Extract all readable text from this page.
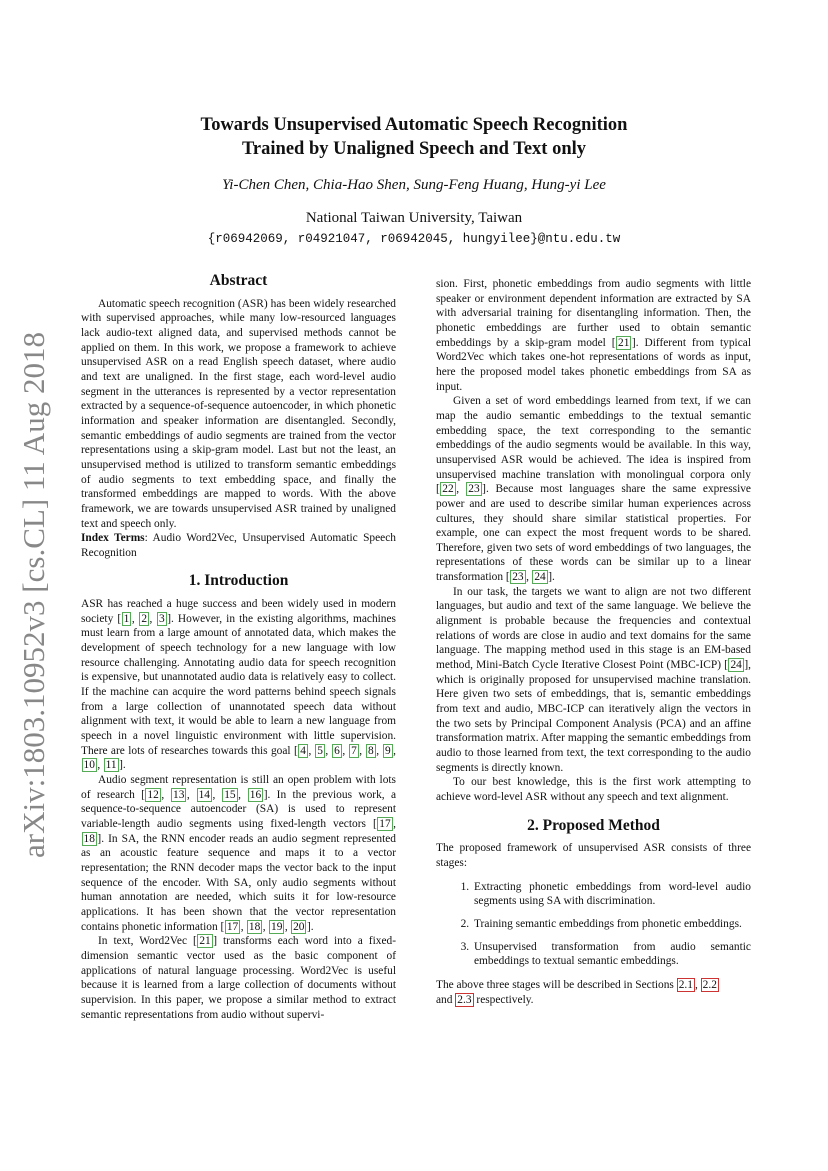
arXiv:1803.10952v3 [cs.CL] 11 Aug 2018
Towards Unsupervised Automatic Speech Recognition
Trained by Unaligned Speech and Text only
Yi-Chen Chen, Chia-Hao Shen, Sung-Feng Huang, Hung-yi Lee
National Taiwan University, Taiwan
{r06942069, r04921047, r06942045, hungyilee}@ntu.edu.tw
Abstract

Automatic speech recognition (ASR) has been widely researched with supervised approaches, while many low-resourced languages lack audio-text aligned data, and supervised methods cannot be applied on them. In this work, we propose a framework to achieve unsupervised ASR on a read English speech dataset, where audio and text are unaligned. In the first stage, each word-level audio segment in the utterances is represented by a vector representation extracted by a sequence-of-sequence autoencoder, in which phonetic information and speaker information are disentangled. Secondly, semantic embeddings of audio segments are trained from the vector representations using a skip-gram model. Last but not the least, an unsupervised method is utilized to transform semantic embeddings of audio segments to text embedding space, and finally the transformed embeddings are mapped to words. With the above framework, we are towards unsupervised ASR trained by unaligned text and speech only.

Index Terms: Audio Word2Vec, Unsupervised Automatic Speech Recognition

1. Introduction

ASR has reached a huge success and been widely used in modern society [ 1 , 2 , 3 ]. However, in the existing algorithms, machines must learn from a large amount of annotated data, which makes the development of speech technology for a new language with low resource challenging. Annotating audio data for speech recognition is expensive, but unannotated audio data is relatively easy to collect. If the machine can acquire the word patterns behind speech signals from a large collection of unannotated speech data without alignment with text, it would be able to learn a new language from speech in a novel linguistic environment with little supervision. There are lots of researches towards this goal [ 4 , 5 , 6 , 7 , 8 , 9 , 10 , 11 ].

Audio segment representation is still an open problem with lots of research [ 12 , 13 , 14 , 15 , 16 ]. In the previous work, a sequence-to-sequence autoencoder (SA) is used to represent variable-length audio segments using fixed-length vectors [ 17 , 18 ]. In SA, the RNN encoder reads an audio segment represented as an acoustic feature sequence and maps it to a vector representation; the RNN decoder maps the vector back to the input sequence of the encoder. With SA, only audio segments without human annotation are needed, which suits it for low-resource applications. It has been shown that the vector representation contains phonetic information [ 17 , 18 , 19 , 20 ].

In text, Word2Vec [ 21 ] transforms each word into a fixed-dimension semantic vector used as the basic component of applications of natural language processing. Word2Vec is useful because it is learned from a large collection of documents without supervision. In this paper, we propose a similar method to extract semantic representations from audio without supervi-

sion. First, phonetic embeddings from audio segments with little speaker or environment dependent information are extracted by SA with adversarial training for disentangling information. Then, the phonetic embeddings are further used to obtain semantic embeddings by a skip-gram model [ 21 ]. Different from typical Word2Vec which takes one-hot representations of words as input, here the proposed model takes phonetic embeddings from SA as input.

Given a set of word embeddings learned from text, if we can map the audio semantic embeddings to the textual semantic embedding space, the text corresponding to the semantic embeddings of the audio segments would be available. In this way, unsupervised ASR would be achieved. The idea is inspired from unsupervised machine translation with monolingual corpora only [ 22 , 23 ]. Because most languages share the same expressive power and are used to describe similar human experiences across cultures, they should share similar statistical properties. For example, one can expect the most frequent words to be shared. Therefore, given two sets of word embeddings of two languages, the representations of these words can be similar up to a linear transformation [ 23 , 24 ].

In our task, the targets we want to align are not two different languages, but audio and text of the same language. We believe the alignment is probable because the frequencies and contextual relations of words are close in audio and text domains for the same language. The mapping method used in this stage is an EM-based method, Mini-Batch Cycle Iterative Closest Point (MBC-ICP) [ 24 ], which is originally proposed for unsupervised machine translation. Here given two sets of embeddings, that is, semantic embeddings from text and audio, MBC-ICP can iteratively align the vectors in the two sets by Principal Component Analysis (PCA) and an affine transformation matrix. After mapping the semantic embeddings from audio to those learned from text, the text corresponding to the audio segments is directly known.

To our best knowledge, this is the first work attempting to achieve word-level ASR without any speech and text alignment.

2. Proposed Method

The proposed framework of unsupervised ASR consists of three stages:

1. Extracting phonetic embeddings from word-level audio segments using SA with discrimination.
2. Training semantic embeddings from phonetic embeddings.
3. Unsupervised transformation from audio semantic embeddings to textual semantic embeddings.

The above three stages will be described in Sections 2.1 , 2.2
and 2.3 respectively.
